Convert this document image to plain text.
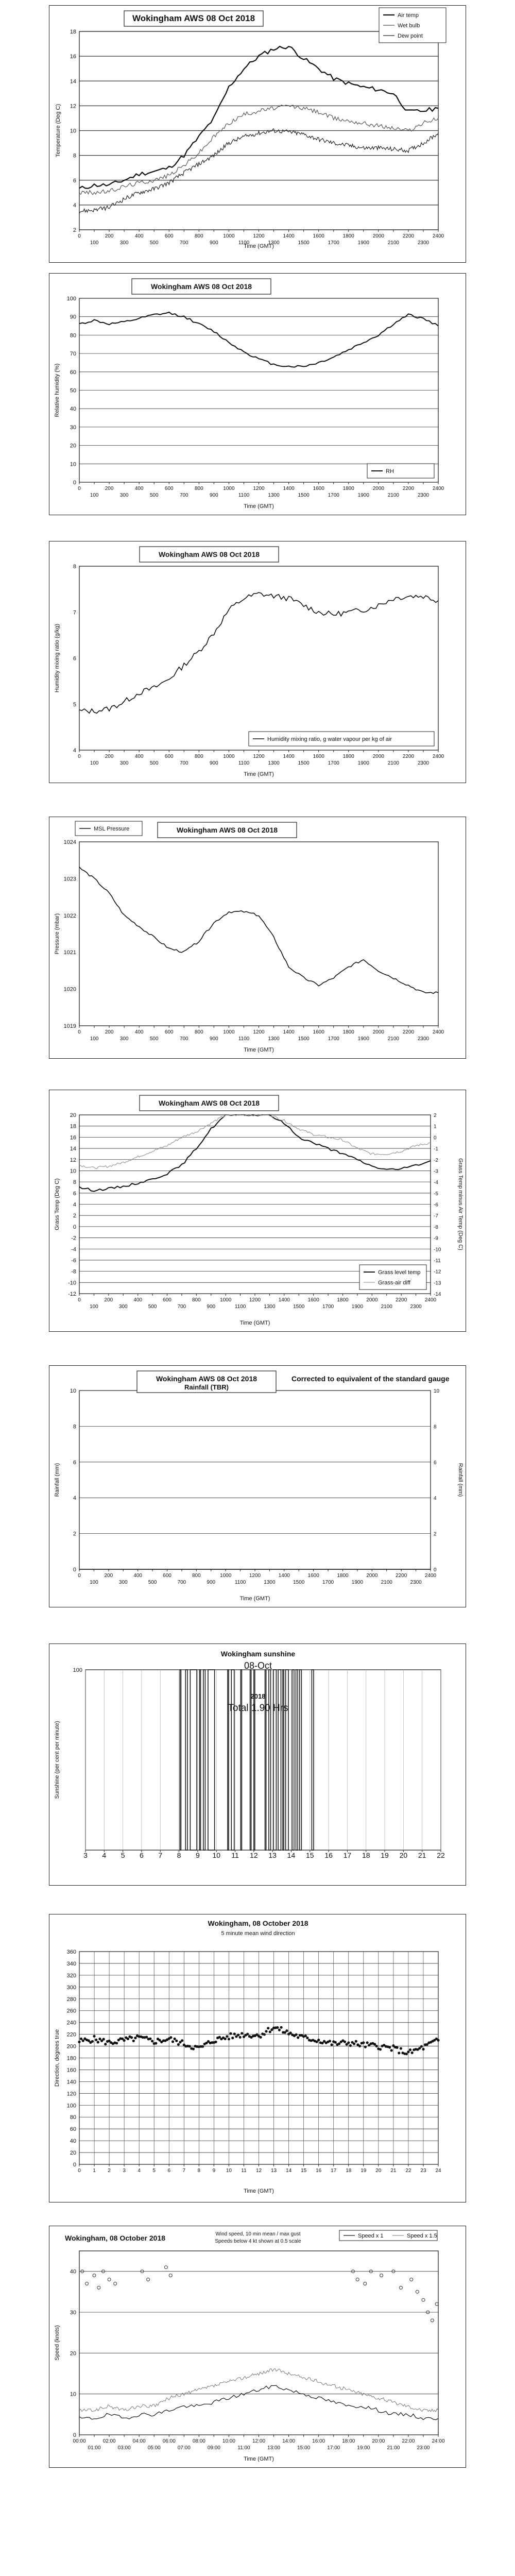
2
4
6
8
10
12
14
16
18
0
100
200
300
400
500
600
700
800
900
1000
1100
1200
1300
1400
1500
1600
1700
1800
1900
2000
2100
2200
2300
2400
Time (GMT)
Temperature (Deg C)
Wokingham AWS 08 Oct 2018	Air temp
Wet bulb
Dew point
0
10
20
30
40
50
60
70
80
90
100
0
100
200
300
400
500
600
700
800
900
1000
1100
1200
1300
1400
1500
1600
1700
1800
1900
2000
2100
2200
2300
2400
Time (GMT)
Relative humidity (%)
Wokingham AWS 08 Oct 2018
RH
4
5
6
7
8
0
100
200
300
400
500
600
700
800
900
1000
1100
1200
1300
1400
1500
1600
1700
1800
1900
2000
2100
2200
2300
2400
Time (GMT)
Humidity mixing ratio (g/kg)
Wokingham AWS 08 Oct 2018
Humidity mixing ratio, g water vapour per kg of air
1019
1020
1021
1022
1023
1024
0
100
200
300
400
500
600
700
800
900
1000
1100
1200
1300
1400
1500
1600
1700
1800
1900
2000
2100
2200
2300
2400
Time (GMT)
Pressure (mbar)
Wokingham AWS 08 Oct 2018
MSL Pressure
-12	-14
-10	-13
-8	-12
-6	-11
-4	-10
-2	-9
0	-8
2	-7
4	-6
6	-5
8	-4
10	-3
12	-2
14	-1
16	0
18	1
20	2
0
100
200
300
400
500
600
700
800
900
1000
1100
1200
1300
1400
1500
1600
1700
1800
1900
2000
2100
2200
2300
2400
Time (GMT)
Grass Temp (Deg C)	Grass Temp minus Air Temp (Deg C)
Wokingham AWS 08 Oct 2018
Grass level temp
Grass-air diff
0	0
2	2
4	4
6	6
8	8
10	10
0
100
200
300
400
500
600
700
800
900
1000
1100
1200
1300
1400
1500
1600
1700
1800
1900
2000
2100
2200
2300
2400
Time (GMT)
Rainfall (mm)	Rainfall (mm)
Wokingham AWS 08 Oct 2018
Rainfall (TBR)
Corrected to equivalent of the standard gauge
100
3 4 5 6 7 8 9 10 11 12 13 14 15 16 17 18 19 20 21 22
Sunshine (per cent per minute)
Wokingham sunshine
08-Oct
2018
Total 1.90 Hrs
0
20
40
60
80
100
120
140
160
180
200
220
240
260
280
300
320
340
360
0 1 2 3 4 5 6 7 8 9 10 11 12 13 14 15 16 17 18 19 20 21 22 23 24
Time (GMT)
Direction, degrees true
Wokingham, 08 October 2018
5 minute mean wind direction
0
10
20
30
40
00:00
01:00
02:00
03:00
04:00
05:00
06:00
07:00
08:00
09:00
10:00
11:00
12:00
13:00
14:00
15:00
16:00
17:00
18:00
19:00
20:00
21:00
22:00
23:00
24:00
Time (GMT)
Speed (knots)
Wokingham, 08 October 2018	Wind speed, 10 min mean / max gust
Speeds below 4 kt shown at 0.5 scale
Speed x 1	Speed x 1.5
